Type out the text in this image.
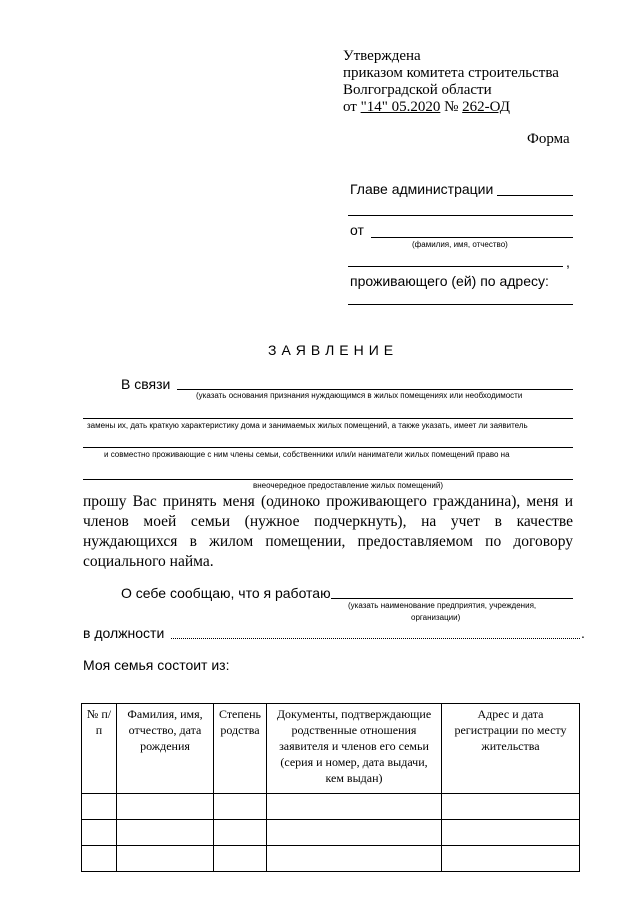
Утверждена
приказом комитета строительства
Волгоградской области
от "14" 05.2020 № 262-ОД
Форма
Главе администрации
от
(фамилия, имя, отчество)
,
проживающего (ей) по адресу:
ЗАЯВЛЕНИЕ
В связи
(указать основания признания нуждающимся в жилых помещениях или необходимости
замены их, дать краткую характеристику дома и занимаемых жилых помещений, а также указать, имеет ли заявитель
и совместно проживающие с ним члены семьи, собственники или/и наниматели жилых помещений право на
внеочередное предоставление жилых помещений)
прошу Вас принять меня (одиноко проживающего гражданина), меня и членов моей семьи (нужное подчеркнуть), на учет в качестве нуждающихся в жилом помещении, предоставляемом по договору социального найма.
О себе сообщаю, что я работаю
(указать наименование предприятия, учреждения,
организации)
в должности	.
Моя семья состоит из:
№ п/п	Фамилия, имя, отчество, дата рождения	Степень родства	Документы, подтверждающие родственные отношения заявителя и членов его семьи (серия и номер, дата выдачи, кем выдан)	Адрес и дата регистрации по месту жительства
